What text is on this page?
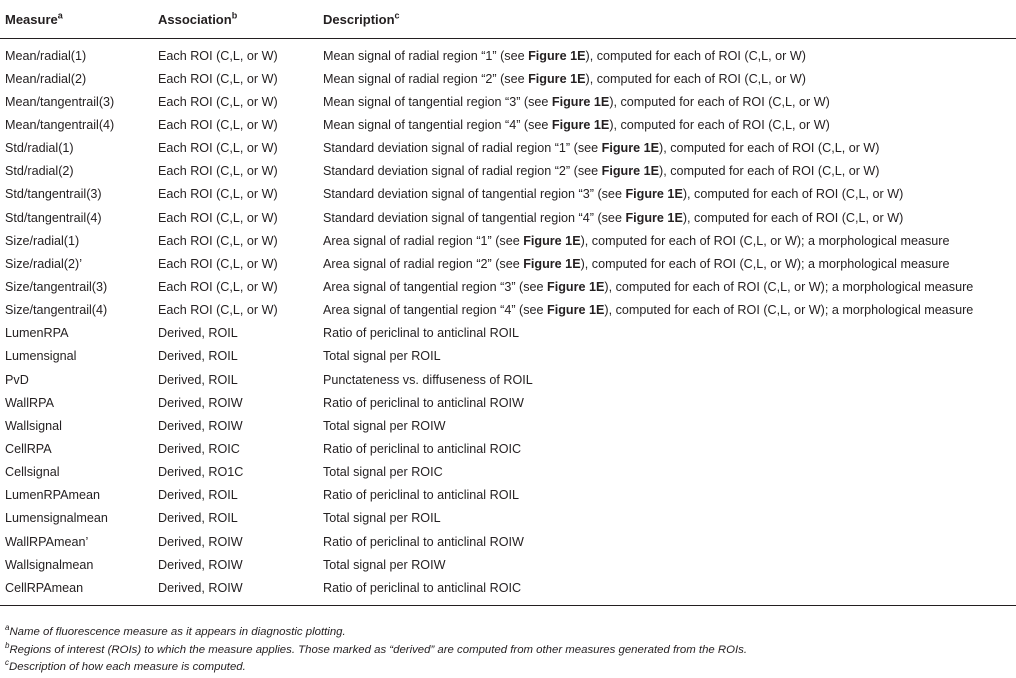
Measure$^a$	Association$^b$	Description$^c$
Mean/radial(1)	Each ROI (C,L, or W)	Mean signal of radial region “1” (see Figure 1E), computed for each of ROI (C,L, or W)
Mean/radial(2)	Each ROI (C,L, or W)	Mean signal of radial region “2” (see Figure 1E), computed for each of ROI (C,L, or W)
Mean/tangentrail(3)	Each ROI (C,L, or W)	Mean signal of tangential region “3” (see Figure 1E), computed for each of ROI (C,L, or W)
Mean/tangentrail(4)	Each ROI (C,L, or W)	Mean signal of tangential region “4” (see Figure 1E), computed for each of ROI (C,L, or W)
Std/radial(1)	Each ROI (C,L, or W)	Standard deviation signal of radial region “1” (see Figure 1E), computed for each of ROI (C,L, or W)
Std/radial(2)	Each ROI (C,L, or W)	Standard deviation signal of radial region “2” (see Figure 1E), computed for each of ROI (C,L, or W)
Std/tangentrail(3)	Each ROI (C,L, or W)	Standard deviation signal of tangential region “3” (see Figure 1E), computed for each of ROI (C,L, or W)
Std/tangentrail(4)	Each ROI (C,L, or W)	Standard deviation signal of tangential region “4” (see Figure 1E), computed for each of ROI (C,L, or W)
Size/radial(1)	Each ROI (C,L, or W)	Area signal of radial region “1” (see Figure 1E), computed for each of ROI (C,L, or W); a morphological measure
Size/radial(2)’	Each ROI (C,L, or W)	Area signal of radial region “2” (see Figure 1E), computed for each of ROI (C,L, or W); a morphological measure
Size/tangentrail(3)	Each ROI (C,L, or W)	Area signal of tangential region “3” (see Figure 1E), computed for each of ROI (C,L, or W); a morphological measure
Size/tangentrail(4)	Each ROI (C,L, or W)	Area signal of tangential region “4” (see Figure 1E), computed for each of ROI (C,L, or W); a morphological measure
LumenRPA	Derived, ROIL	Ratio of periclinal to anticlinal ROIL
Lumensignal	Derived, ROIL	Total signal per ROIL
PvD	Derived, ROIL	Punctateness vs. diffuseness of ROIL
WallRPA	Derived, ROIW	Ratio of periclinal to anticlinal ROIW
Wallsignal	Derived, ROIW	Total signal per ROIW
CellRPA	Derived, ROIC	Ratio of periclinal to anticlinal ROIC
Cellsignal	Derived, RO1C	Total signal per ROIC
LumenRPAmean	Derived, ROIL	Ratio of periclinal to anticlinal ROIL
Lumensignalmean	Derived, ROIL	Total signal per ROIL
WallRPAmean’	Derived, ROIW	Ratio of periclinal to anticlinal ROIW
Wallsignalmean	Derived, ROIW	Total signal per ROIW
CellRPAmean	Derived, ROIW	Ratio of periclinal to anticlinal ROIC
$^a$Name of fluorescence measure as it appears in diagnostic plotting.
$^b$Regions of interest (ROIs) to which the measure applies. Those marked as “derived” are computed from other measures generated from the ROIs.
$^c$Description of how each measure is computed.
